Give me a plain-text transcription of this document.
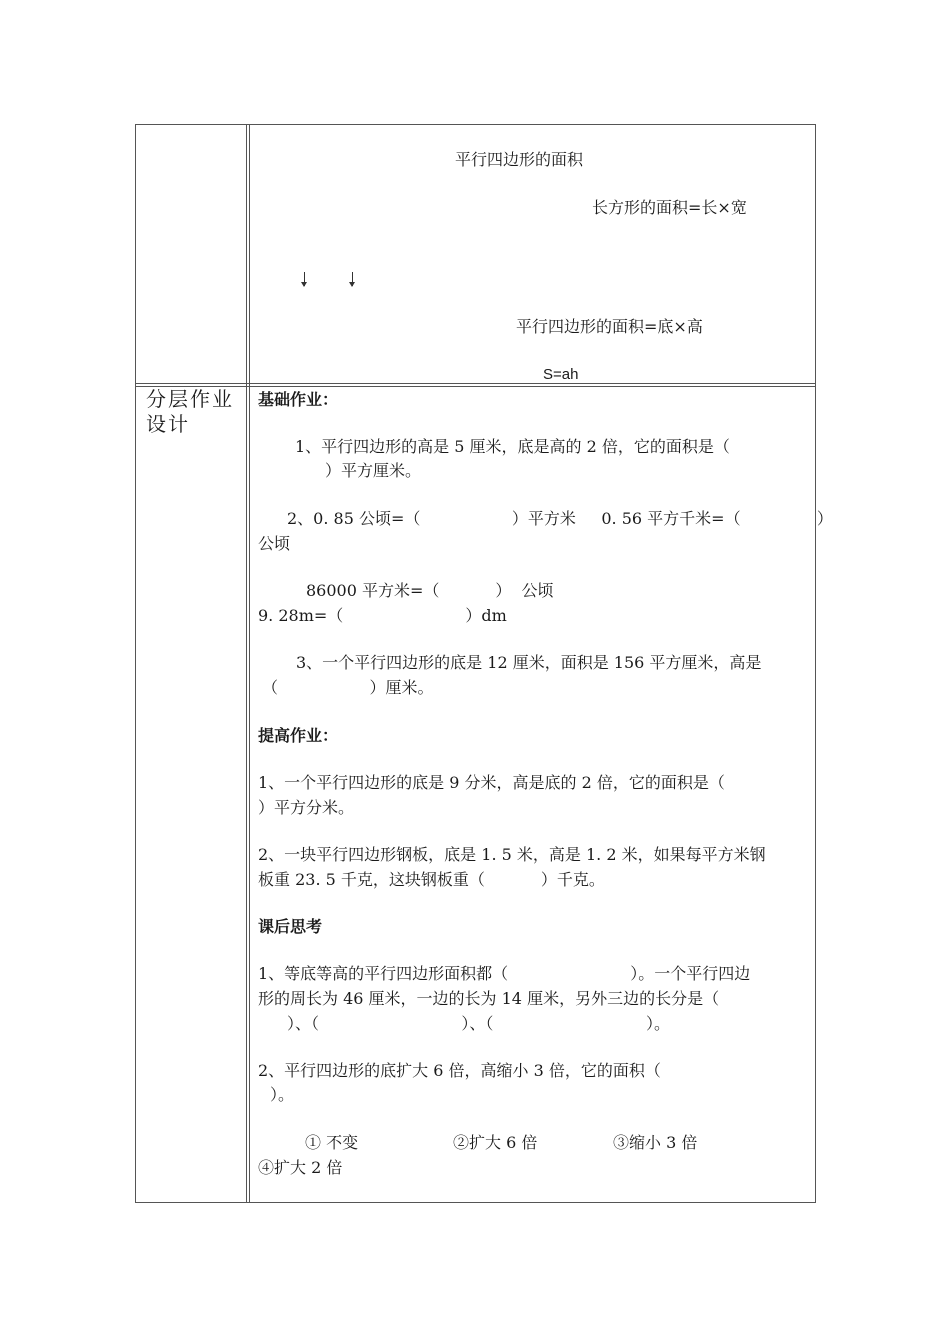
平行四边形的面积
长方形的面积=长×宽
平行四边形的面积=底×高
S=ah
分层作业设计
基础作业：
1、平行四边形的高是 5 厘米，底是高的 2 倍，它的面积是（
）平方厘米。
2、0. 85 公顷=（                  ）平方米     0. 56 平方千米=（               ）
公顷
86000 平方米=（           ）  公顷
9. 28m=（                        ）dm
3、一个平行四边形的底是 12 厘米，面积是 156 平方厘米，高是
（                  ）厘米。
提高作业：
1、一个平行四边形的底是 9 分米，高是底的 2 倍，它的面积是（
）平方分米。
2、一块平行四边形钢板，底是 1. 5 米，高是 1. 2 米，如果每平方米钢
板重 23. 5 千克，这块钢板重（           ）千克。
课后思考
1、等底等高的平行四边形面积都（                        ）。一个平行四边
形的周长为 46 厘米，一边的长为 14 厘米，另外三边的长分是（
）、（                            ）、（                              ）。
2、平行四边形的底扩大 6 倍，高缩小 3 倍，它的面积（
）。
① 不变	②扩大 6 倍	③缩小 3 倍
④扩大 2 倍
